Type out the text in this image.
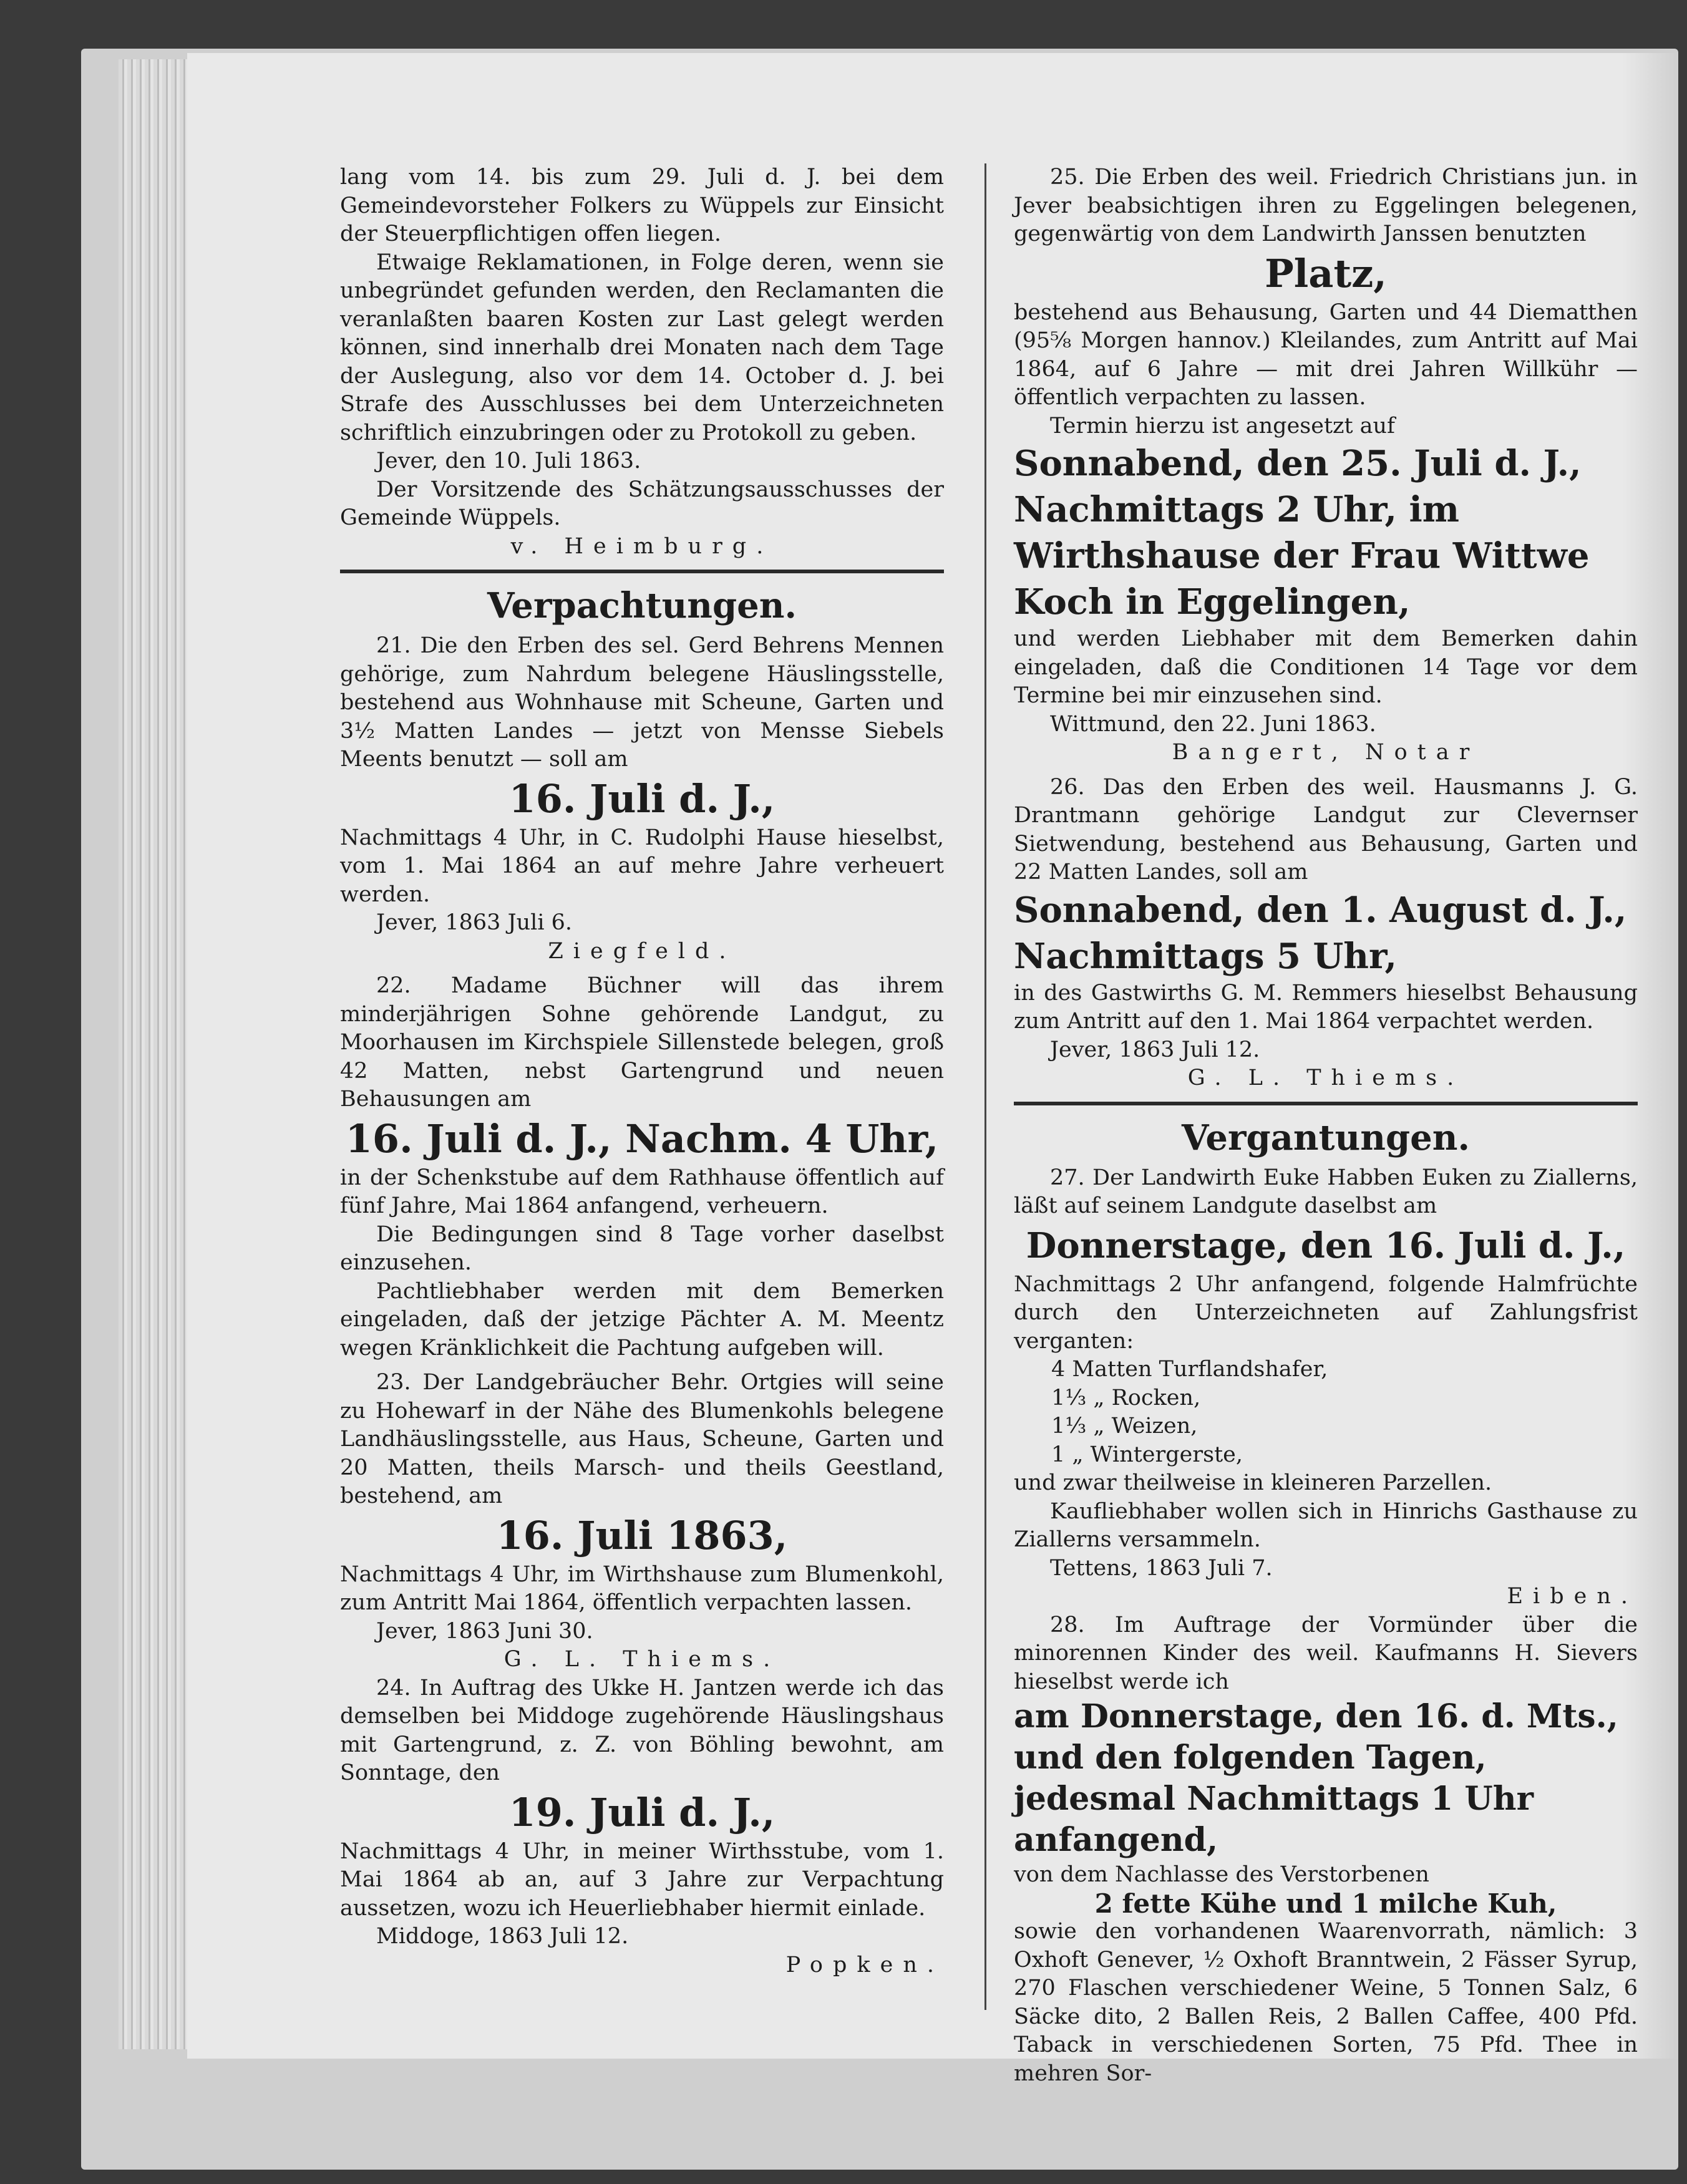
lang vom 14. bis zum 29. Juli d. J. bei dem Gemeindevorsteher Folkers zu Wüppels zur Einsicht der Steuerpflichtigen offen liegen.

Etwaige Reklamationen, in Folge deren, wenn sie unbegründet gefunden werden, den Reclamanten die veranlaßten baaren Kosten zur Last gelegt werden können, sind innerhalb drei Monaten nach dem Tage der Auslegung, also vor dem 14. October d. J. bei Strafe des Ausschlusses bei dem Unterzeichneten schriftlich einzubringen oder zu Protokoll zu geben.

Jever, den 10. Juli 1863.

Der Vorsitzende des Schätzungsausschusses der Gemeinde Wüppels.

v. Heimburg.

Verpachtungen.

21. Die den Erben des sel. Gerd Behrens Mennen gehörige, zum Nahrdum belegene Häuslingsstelle, bestehend aus Wohnhause mit Scheune, Garten und 3½ Matten Landes — jetzt von Mensse Siebels Meents benutzt — soll am

16. Juli d. J.,

Nachmittags 4 Uhr, in C. Rudolphi Hause hieselbst, vom 1. Mai 1864 an auf mehre Jahre verheuert werden.

Jever, 1863 Juli 6.

Ziegfeld.

22. Madame Büchner will das ihrem minderjährigen Sohne gehörende Landgut, zu Moorhausen im Kirchspiele Sillenstede belegen, groß 42 Matten, nebst Gartengrund und neuen Behausungen am

16. Juli d. J., Nachm. 4 Uhr,

in der Schenkstube auf dem Rathhause öffentlich auf fünf Jahre, Mai 1864 anfangend, verheuern.

Die Bedingungen sind 8 Tage vorher daselbst einzusehen.

Pachtliebhaber werden mit dem Bemerken eingeladen, daß der jetzige Pächter A. M. Meentz wegen Kränklichkeit die Pachtung aufgeben will.

23. Der Landgebräucher Behr. Ortgies will seine zu Hohewarf in der Nähe des Blumenkohls belegene Landhäuslingsstelle, aus Haus, Scheune, Garten und 20 Matten, theils Marsch- und theils Geestland, bestehend, am

16. Juli 1863,

Nachmittags 4 Uhr, im Wirthshause zum Blumenkohl, zum Antritt Mai 1864, öffentlich verpachten lassen.

Jever, 1863 Juni 30.

G. L. Thiems.

24. In Auftrag des Ukke H. Jantzen werde ich das demselben bei Middoge zugehörende Häuslingshaus mit Gartengrund, z. Z. von Böhling bewohnt, am Sonntage, den

19. Juli d. J.,

Nachmittags 4 Uhr, in meiner Wirthsstube, vom 1. Mai 1864 ab an, auf 3 Jahre zur Verpachtung aussetzen, wozu ich Heuerliebhaber hiermit einlade.

Middoge, 1863 Juli 12.

Popken.

25. Die Erben des weil. Friedrich Christians jun. in Jever beabsichtigen ihren zu Eggelingen belegenen, gegenwärtig von dem Landwirth Janssen benutzten

Platz,

bestehend aus Behausung, Garten und 44 Diematthen (95⅝ Morgen hannov.) Kleilandes, zum Antritt auf Mai 1864, auf 6 Jahre — mit drei Jahren Willkühr — öffentlich verpachten zu lassen.

Termin hierzu ist angesetzt auf

Sonnabend, den 25. Juli d. J., Nachmittags 2 Uhr, im Wirthshause der Frau Wittwe Koch in Eggelingen,

und werden Liebhaber mit dem Bemerken dahin eingeladen, daß die Conditionen 14 Tage vor dem Termine bei mir einzusehen sind.

Wittmund, den 22. Juni 1863.

Bangert, Notar

26. Das den Erben des weil. Hausmanns J. G. Drantmann gehörige Landgut zur Clevernser Sietwendung, bestehend aus Behausung, Garten und 22 Matten Landes, soll am

Sonnabend, den 1. August d. J.,

Nachmittags 5 Uhr,

in des Gastwirths G. M. Remmers hieselbst Behausung zum Antritt auf den 1. Mai 1864 verpachtet werden.

Jever, 1863 Juli 12.

G. L. Thiems.

Vergantungen.

27. Der Landwirth Euke Habben Euken zu Ziallerns, läßt auf seinem Landgute daselbst am

Donnerstage, den 16. Juli d. J.,

Nachmittags 2 Uhr anfangend, folgende Halmfrüchte durch den Unterzeichneten auf Zahlungsfrist verganten:

4 Matten Turflandshafer,

1⅓ „ Rocken,

1⅓ „ Weizen,

1 „ Wintergerste,

und zwar theilweise in kleineren Parzellen.

Kaufliebhaber wollen sich in Hinrichs Gasthause zu Ziallerns versammeln.

Tettens, 1863 Juli 7.

Eiben.

28. Im Auftrage der Vormünder über die minorennen Kinder des weil. Kaufmanns H. Sievers hieselbst werde ich

am Donnerstage, den 16. d. Mts., und den folgenden Tagen, jedesmal Nachmittags 1 Uhr anfangend,

von dem Nachlasse des Verstorbenen

2 fette Kühe und 1 milche Kuh,

sowie den vorhandenen Waarenvorrath, nämlich: 3 Oxhoft Genever, ½ Oxhoft Branntwein, 2 Fässer Syrup, 270 Flaschen verschiedener Weine, 5 Tonnen Salz, 6 Säcke dito, 2 Ballen Reis, 2 Ballen Caffee, 400 Pfd. Taback in verschiedenen Sorten, 75 Pfd. Thee in mehren Sor-
